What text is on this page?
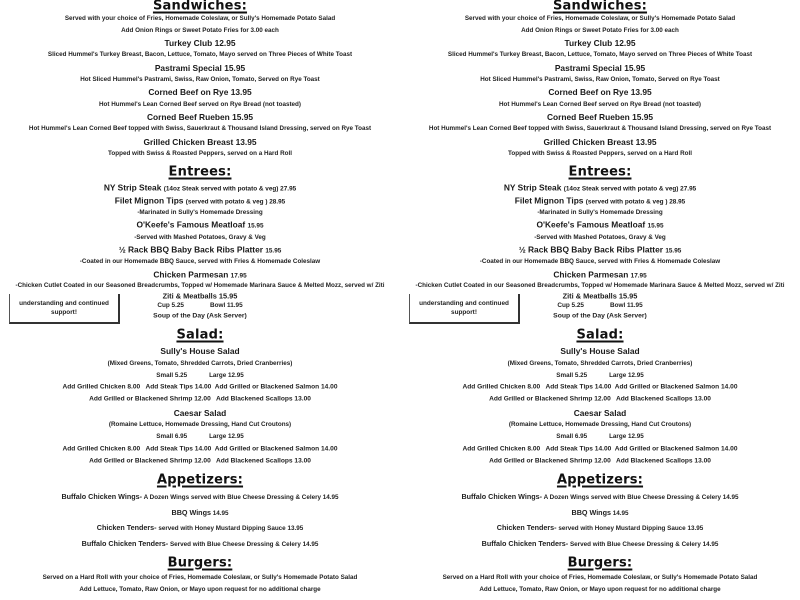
Sandwiches:
Served with your choice of Fries, Homemade Coleslaw, or Sully's Homemade Potato Salad
Add Onion Rings or Sweet Potato Fries for 3.00 each
Turkey Club 12.95
Sliced Hummel's Turkey Breast, Bacon, Lettuce, Tomato, Mayo served on Three Pieces of White Toast
Pastrami Special 15.95
Hot Sliced Hummel's Pastrami, Swiss, Raw Onion, Tomato, Served on Rye Toast
Corned Beef on Rye 13.95
Hot Hummel's Lean Corned Beef served on Rye Bread (not toasted)
Corned Beef Rueben 15.95
Hot Hummel's Lean Corned Beef topped with Swiss, Sauerkraut & Thousand Island Dressing, served on Rye Toast
Grilled Chicken Breast 13.95
Topped with Swiss & Roasted Peppers, served on a Hard Roll
Entrees:
NY Strip Steak (14oz Steak served with potato & veg) 27.95
Filet Mignon Tips (served with potato & veg ) 28.95
-Marinated in Sully's Homemade Dressing
O'Keefe's Famous Meatloaf 15.95
-Served with Mashed Potatoes, Gravy & Veg
½ Rack BBQ Baby Back Ribs Platter 15.95
-Coated in our Homemade BBQ Sauce, served with Fries & Homemade Coleslaw
Chicken Parmesan 17.95
-Chicken Cutlet Coated in our Seasoned Breadcrumbs, Topped w/ Homemade Marinara Sauce & Melted Mozz, served w/ Ziti
Ziti & Meatballs 15.95
Cup 5.25	Bowl 11.95
Soup of the Day (Ask Server)
understanding and continued
support!
Salad:
Sully's House Salad
(Mixed Greens, Tomato, Shredded Carrots, Dried Cranberries)
Small 5.25	Large 12.95
Add Grilled Chicken 8.00 Add Steak Tips 14.00 Add Grilled or Blackened Salmon 14.00
Add Grilled or Blackened Shrimp 12.00 Add Blackened Scallops 13.00
Caesar Salad
(Romaine Lettuce, Homemade Dressing, Hand Cut Croutons)
Small 6.95	Large 12.95
Add Grilled Chicken 8.00 Add Steak Tips 14.00 Add Grilled or Blackened Salmon 14.00
Add Grilled or Blackened Shrimp 12.00 Add Blackened Scallops 13.00
Appetizers:
Buffalo Chicken Wings- A Dozen Wings served with Blue Cheese Dressing & Celery 14.95
BBQ Wings 14.95
Chicken Tenders- served with Honey Mustard Dipping Sauce 13.95
Buffalo Chicken Tenders- Served with Blue Cheese Dressing & Celery 14.95
Burgers:
Served on a Hard Roll with your choice of Fries, Homemade Coleslaw, or Sully's Homemade Potato Salad
Add Lettuce, Tomato, Raw Onion, or Mayo upon request for no additional charge
Sandwiches:
Served with your choice of Fries, Homemade Coleslaw, or Sully's Homemade Potato Salad
Add Onion Rings or Sweet Potato Fries for 3.00 each
Turkey Club 12.95
Sliced Hummel's Turkey Breast, Bacon, Lettuce, Tomato, Mayo served on Three Pieces of White Toast
Pastrami Special 15.95
Hot Sliced Hummel's Pastrami, Swiss, Raw Onion, Tomato, Served on Rye Toast
Corned Beef on Rye 13.95
Hot Hummel's Lean Corned Beef served on Rye Bread (not toasted)
Corned Beef Rueben 15.95
Hot Hummel's Lean Corned Beef topped with Swiss, Sauerkraut & Thousand Island Dressing, served on Rye Toast
Grilled Chicken Breast 13.95
Topped with Swiss & Roasted Peppers, served on a Hard Roll
Entrees:
NY Strip Steak (14oz Steak served with potato & veg) 27.95
Filet Mignon Tips (served with potato & veg ) 28.95
-Marinated in Sully's Homemade Dressing
O'Keefe's Famous Meatloaf 15.95
-Served with Mashed Potatoes, Gravy & Veg
½ Rack BBQ Baby Back Ribs Platter 15.95
-Coated in our Homemade BBQ Sauce, served with Fries & Homemade Coleslaw
Chicken Parmesan 17.95
-Chicken Cutlet Coated in our Seasoned Breadcrumbs, Topped w/ Homemade Marinara Sauce & Melted Mozz, served w/ Ziti
Ziti & Meatballs 15.95
Cup 5.25	Bowl 11.95
Soup of the Day (Ask Server)
understanding and continued
support!
Salad:
Sully's House Salad
(Mixed Greens, Tomato, Shredded Carrots, Dried Cranberries)
Small 5.25	Large 12.95
Add Grilled Chicken 8.00 Add Steak Tips 14.00 Add Grilled or Blackened Salmon 14.00
Add Grilled or Blackened Shrimp 12.00 Add Blackened Scallops 13.00
Caesar Salad
(Romaine Lettuce, Homemade Dressing, Hand Cut Croutons)
Small 6.95	Large 12.95
Add Grilled Chicken 8.00 Add Steak Tips 14.00 Add Grilled or Blackened Salmon 14.00
Add Grilled or Blackened Shrimp 12.00 Add Blackened Scallops 13.00
Appetizers:
Buffalo Chicken Wings- A Dozen Wings served with Blue Cheese Dressing & Celery 14.95
BBQ Wings 14.95
Chicken Tenders- served with Honey Mustard Dipping Sauce 13.95
Buffalo Chicken Tenders- Served with Blue Cheese Dressing & Celery 14.95
Burgers:
Served on a Hard Roll with your choice of Fries, Homemade Coleslaw, or Sully's Homemade Potato Salad
Add Lettuce, Tomato, Raw Onion, or Mayo upon request for no additional charge
